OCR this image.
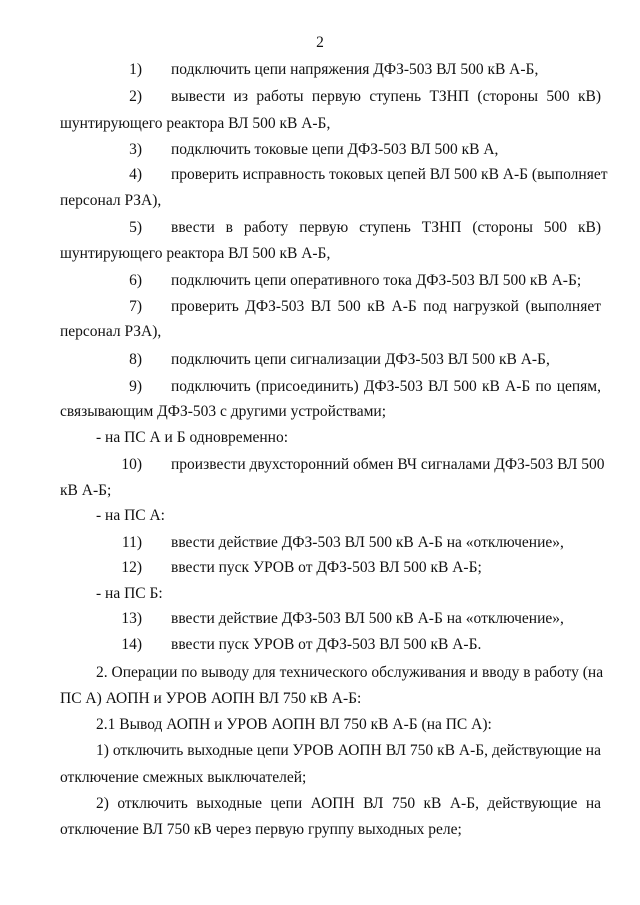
2
1) подключить цепи напряжения ДФЗ-503 ВЛ 500 кВ А-Б,
2) вывести из работы первую ступень ТЗНП (стороны 500 кВ)
шунтирующего реактора ВЛ 500 кВ А-Б,
3) подключить токовые цепи ДФЗ-503 ВЛ 500 кВ А,
4) проверить исправность токовых цепей ВЛ 500 кВ А-Б (выполняет
персонал РЗА),
5) ввести в работу первую ступень ТЗНП (стороны 500 кВ)
шунтирующего реактора ВЛ 500 кВ А-Б,
6) подключить цепи оперативного тока ДФЗ-503 ВЛ 500 кВ А-Б;
7) проверить ДФЗ-503 ВЛ 500 кВ А-Б под нагрузкой (выполняет
персонал РЗА),
8) подключить цепи сигнализации ДФЗ-503 ВЛ 500 кВ А-Б,
9) подключить (присоединить) ДФЗ-503 ВЛ 500 кВ А-Б по цепям,
связывающим ДФЗ-503 с другими устройствами;
- на ПС А и Б одновременно:
10) произвести двухсторонний обмен ВЧ сигналами ДФЗ-503 ВЛ 500
кВ А-Б;
- на ПС А:
11) ввести действие ДФЗ-503 ВЛ 500 кВ А-Б на «отключение»,
12) ввести пуск УРОВ от ДФЗ-503 ВЛ 500 кВ А-Б;
- на ПС Б:
13) ввести действие ДФЗ-503 ВЛ 500 кВ А-Б на «отключение»,
14) ввести пуск УРОВ от ДФЗ-503 ВЛ 500 кВ А-Б.
2. Операции по выводу для технического обслуживания и вводу в работу (на
ПС А) АОПН и УРОВ АОПН ВЛ 750 кВ А-Б:
2.1 Вывод АОПН и УРОВ АОПН ВЛ 750 кВ А-Б (на ПС А):
1) отключить выходные цепи УРОВ АОПН ВЛ 750 кВ А-Б, действующие на
отключение смежных выключателей;
2) отключить выходные цепи АОПН ВЛ 750 кВ А-Б, действующие на
отключение ВЛ 750 кВ через первую группу выходных реле;
